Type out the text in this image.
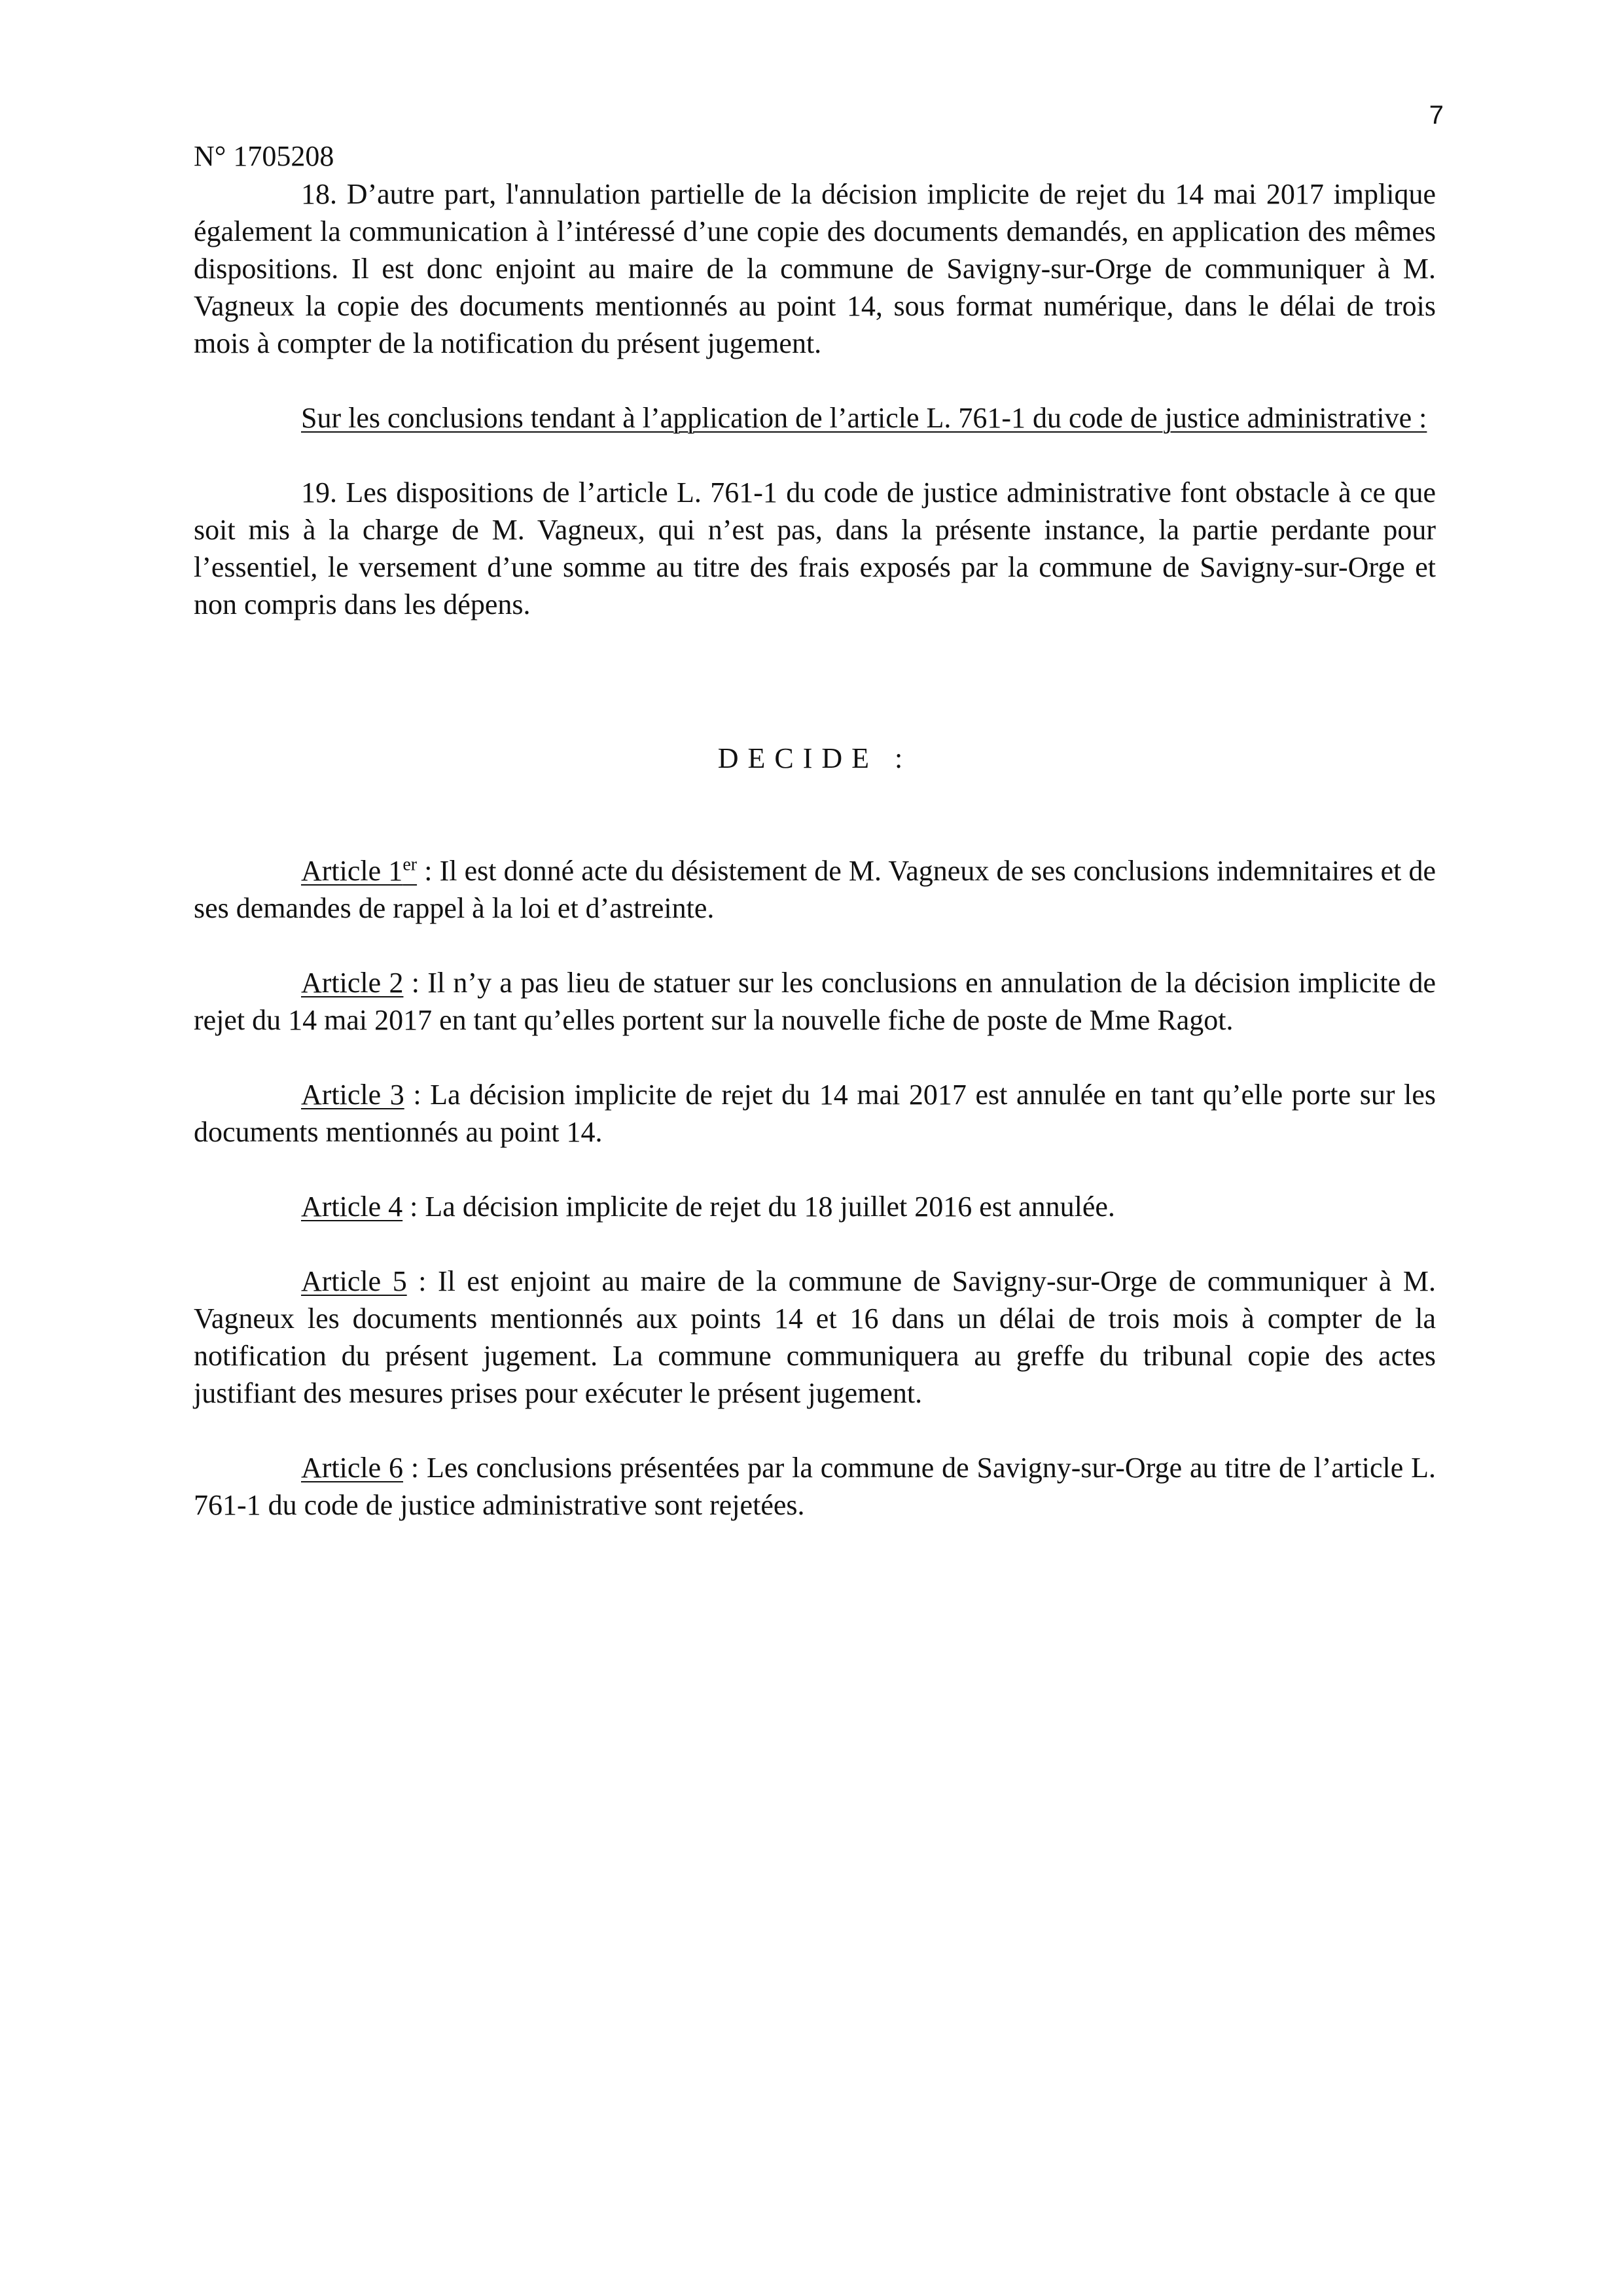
7
N° 1705208

18. D’autre part, l'annulation partielle de la décision implicite de rejet du 14 mai 2017 implique également la communication à l’intéressé d’une copie des documents demandés, en application des mêmes dispositions. Il est donc enjoint au maire de la commune de Savigny-sur-Orge de communiquer à M. Vagneux la copie des documents mentionnés au point 14, sous format numérique, dans le délai de trois mois à compter de la notification du présent jugement.

Sur les conclusions tendant à l’application de l’article L. 761-1 du code de justice administrative :

19. Les dispositions de l’article L. 761-1 du code de justice administrative font obstacle à ce que soit mis à la charge de M. Vagneux, qui n’est pas, dans la présente instance, la partie perdante pour l’essentiel, le versement d’une somme au titre des frais exposés par la commune de Savigny-sur-Orge et non compris dans les dépens.

DECIDE :

Article 1er : Il est donné acte du désistement de M. Vagneux de ses conclusions indemnitaires et de ses demandes de rappel à la loi et d’astreinte.

Article 2 : Il n’y a pas lieu de statuer sur les conclusions en annulation de la décision implicite de rejet du 14 mai 2017 en tant qu’elles portent sur la nouvelle fiche de poste de Mme Ragot.

Article 3 : La décision implicite de rejet du 14 mai 2017 est annulée en tant qu’elle porte sur les documents mentionnés au point 14.

Article 4 : La décision implicite de rejet du 18 juillet 2016 est annulée.

Article 5 : Il est enjoint au maire de la commune de Savigny-sur-Orge de communiquer à M. Vagneux les documents mentionnés aux points 14 et 16 dans un délai de trois mois à compter de la notification du présent jugement. La commune communiquera au greffe du tribunal copie des actes justifiant des mesures prises pour exécuter le présent jugement.

Article 6 : Les conclusions présentées par la commune de Savigny-sur-Orge au titre de l’article L. 761-1 du code de justice administrative sont rejetées.
